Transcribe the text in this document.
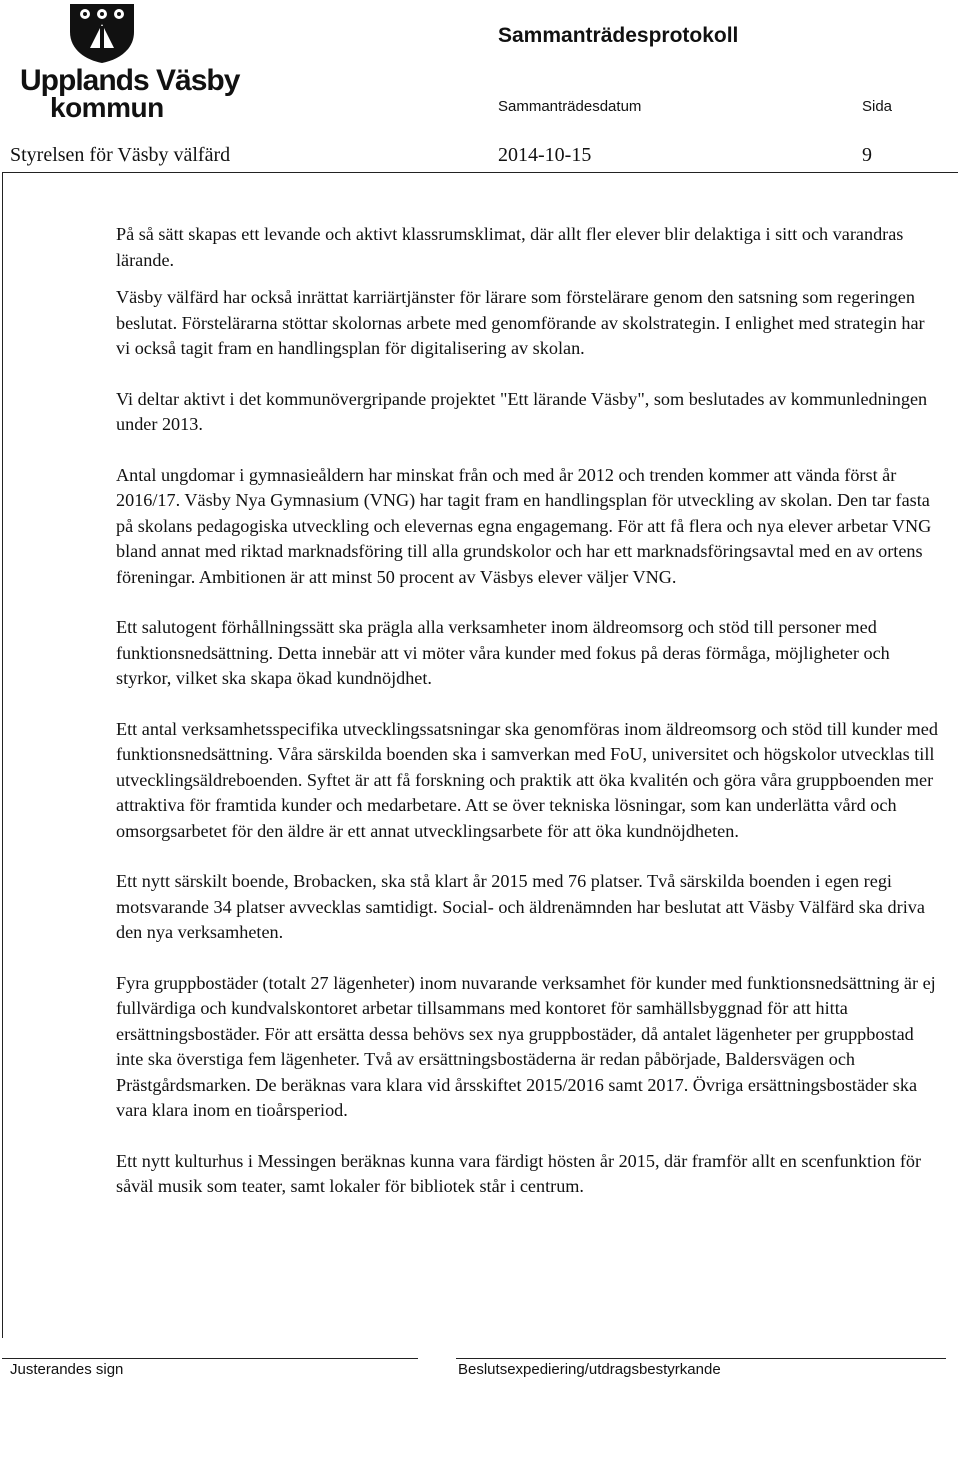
Upplands Väsby
kommun
Sammanträdesprotokoll
Sammanträdesdatum	Sida
Styrelsen för Väsby välfärd	2014-10-15	9

På så sätt skapas ett levande och aktivt klassrumsklimat, där allt fler elever blir delaktiga i sitt och varandras lärande.

Väsby välfärd har också inrättat karriärtjänster för lärare som förstelärare genom den satsning som regeringen beslutat. Förstelärarna stöttar skolornas arbete med genomförande av skolstrategin. I enlighet med strategin har vi också tagit fram en handlingsplan för digitalisering av skolan.

Vi deltar aktivt i det kommunövergripande projektet "Ett lärande Väsby", som beslutades av kommunledningen under 2013.

Antal ungdomar i gymnasieåldern har minskat från och med år 2012 och trenden kommer att vända först år 2016/17. Väsby Nya Gymnasium (VNG) har tagit fram en handlingsplan för utveckling av skolan. Den tar fasta på skolans pedagogiska utveckling och elevernas egna engagemang. För att få flera och nya elever arbetar VNG bland annat med riktad marknadsföring till alla grundskolor och har ett marknadsföringsavtal med en av ortens föreningar. Ambitionen är att minst 50 procent av Väsbys elever väljer VNG.

Ett salutogent förhållningssätt ska prägla alla verksamheter inom äldreomsorg och stöd till personer med funktionsnedsättning. Detta innebär att vi möter våra kunder med fokus på deras förmåga, möjligheter och styrkor, vilket ska skapa ökad kundnöjdhet.

Ett antal verksamhetsspecifika utvecklingssatsningar ska genomföras inom äldreomsorg och stöd till kunder med funktionsnedsättning. Våra särskilda boenden ska i samverkan med FoU, universitet och högskolor utvecklas till utvecklingsäldreboenden. Syftet är att få forskning och praktik att öka kvalitén och göra våra gruppboenden mer attraktiva för framtida kunder och medarbetare. Att se över tekniska lösningar, som kan underlätta vård och omsorgsarbetet för den äldre är ett annat utvecklingsarbete för att öka kundnöjdheten.

Ett nytt särskilt boende, Brobacken, ska stå klart år 2015 med 76 platser. Två särskilda boenden i egen regi motsvarande 34 platser avvecklas samtidigt. Social- och äldrenämnden har beslutat att Väsby Välfärd ska driva den nya verksamheten.

Fyra gruppbostäder (totalt 27 lägenheter) inom nuvarande verksamhet för kunder med funktionsnedsättning är ej fullvärdiga och kundvalskontoret arbetar tillsammans med kontoret för samhällsbyggnad för att hitta ersättningsbostäder. För att ersätta dessa behövs sex nya gruppbostäder, då antalet lägenheter per gruppbostad inte ska överstiga fem lägenheter. Två av ersättningsbostäderna är redan påbörjade, Baldersvägen och Prästgårdsmarken. De beräknas vara klara vid årsskiftet 2015/2016 samt 2017. Övriga ersättningsbostäder ska vara klara inom en tioårsperiod.

Ett nytt kulturhus i Messingen beräknas kunna vara färdigt hösten år 2015, där framför allt en scenfunktion för såväl musik som teater, samt lokaler för bibliotek står i centrum.

Justerandes sign	Beslutsexpediering/utdragsbestyrkande
